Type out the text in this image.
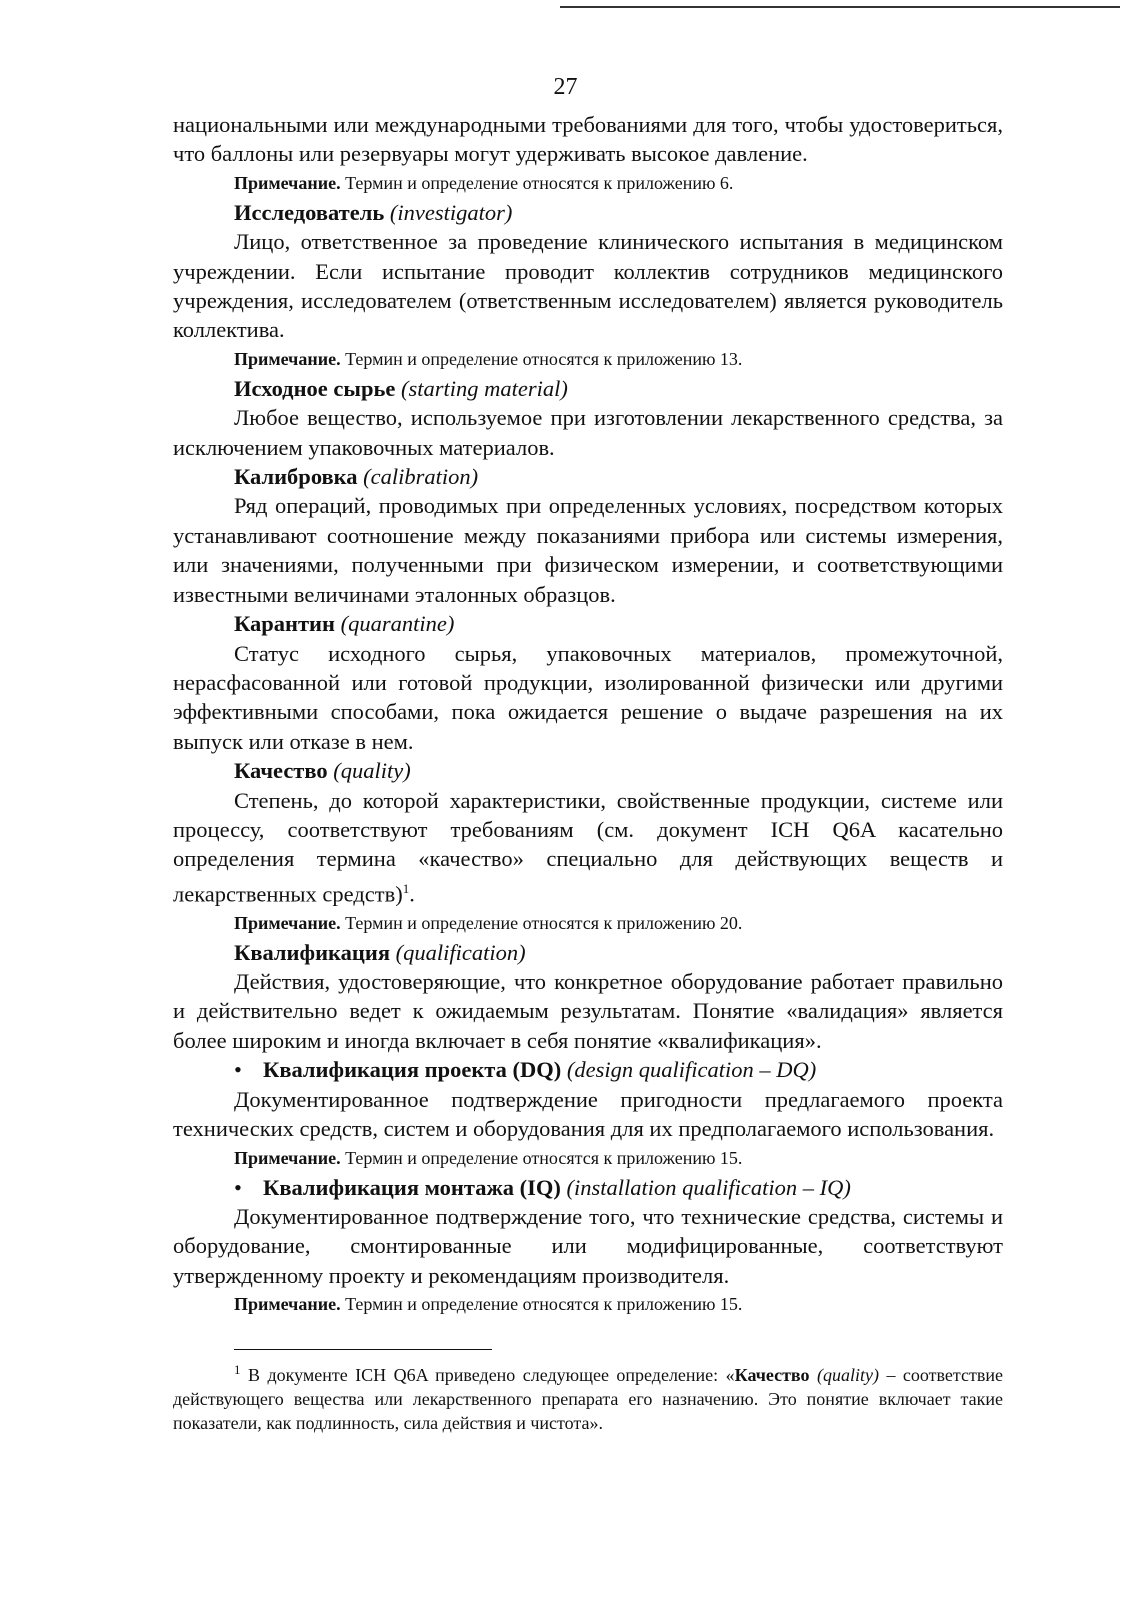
27

национальными или международными требованиями для того, чтобы удостовериться, что баллоны или резервуары могут удерживать высокое давление.

Примечание. Термин и определение относятся к приложению 6.

Исследователь (investigator)

Лицо, ответственное за проведение клинического испытания в медицинском учреждении. Если испытание проводит коллектив сотрудников медицинского учреждения, исследователем (ответственным исследователем) является руководитель коллектива.

Примечание. Термин и определение относятся к приложению 13.

Исходное сырье (starting material)

Любое вещество, используемое при изготовлении лекарственного средства, за исключением упаковочных материалов.

Калибровка (calibration)

Ряд операций, проводимых при определенных условиях, посредством которых устанавливают соотношение между показаниями прибора или системы измерения, или значениями, полученными при физическом измерении, и соответствующими известными величинами эталонных образцов.

Карантин (quarantine)

Статус исходного сырья, упаковочных материалов, промежуточной, нерасфасованной или готовой продукции, изолированной физически или другими эффективными способами, пока ожидается решение о выдаче разрешения на их выпуск или отказе в нем.

Качество (quality)

Степень, до которой характеристики, свойственные продукции, системе или процессу, соответствуют требованиям (см. документ ICH Q6A касательно определения термина «качество» специально для действующих веществ и лекарственных средств)$^1$.

Примечание. Термин и определение относятся к приложению 20.

Квалификация (qualification)

Действия, удостоверяющие, что конкретное оборудование работает правильно и действительно ведет к ожидаемым результатам. Понятие «валидация» является более широким и иногда включает в себя понятие «квалификация».

• Квалификация проекта (DQ) (design qualification – DQ)

Документированное подтверждение пригодности предлагаемого проекта технических средств, систем и оборудования для их предполагаемого использования.

Примечание. Термин и определение относятся к приложению 15.

• Квалификация монтажа (IQ) (installation qualification – IQ)

Документированное подтверждение того, что технические средства, системы и оборудование, смонтированные или модифицированные, соответствуют утвержденному проекту и рекомендациям производителя.

Примечание. Термин и определение относятся к приложению 15.

$^1$ В документе ICH Q6A приведено следующее определение: «Качество (quality) – соответствие действующего вещества или лекарственного препарата его назначению. Это понятие включает такие показатели, как подлинность, сила действия и чистота».
